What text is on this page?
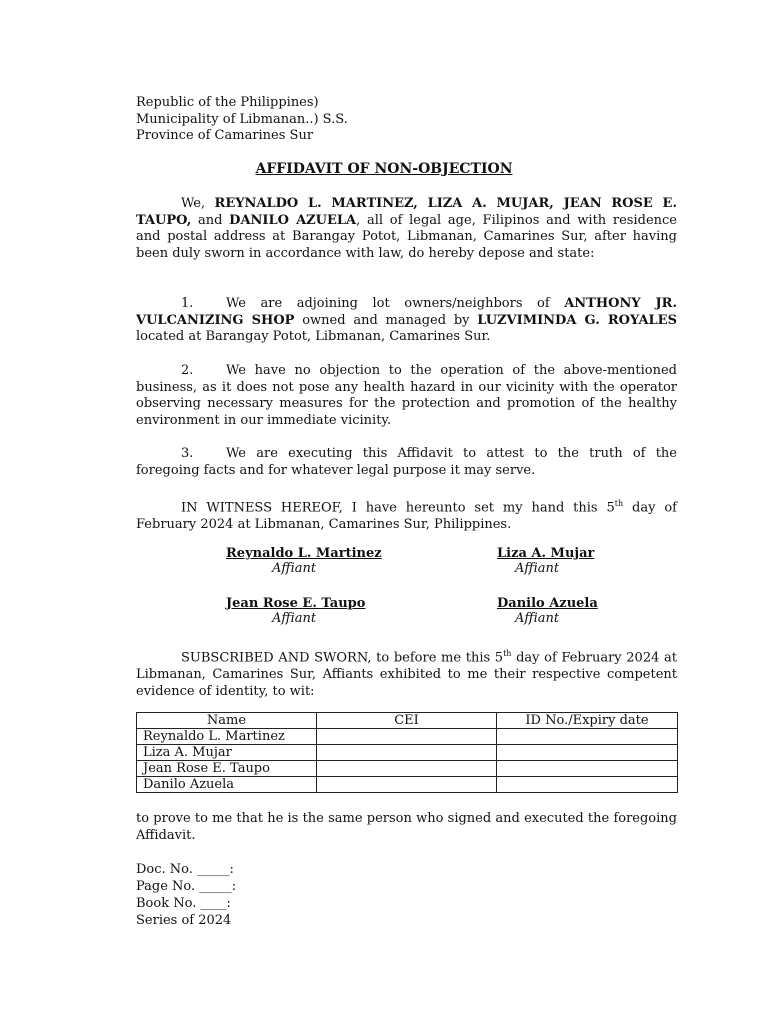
Republic of the Philippines)
Municipality of Libmanan..) S.S.
Province of Camarines Sur
AFFIDAVIT OF NON-OBJECTION
We, REYNALDO L. MARTINEZ, LIZA A. MUJAR, JEAN ROSE E. TAUPO, and DANILO AZUELA, all of legal age, Filipinos and with residence and postal address at Barangay Potot, Libmanan, Camarines Sur, after having been duly sworn in accordance with law, do hereby depose and state:
1.	We are adjoining lot owners/neighbors of ANTHONY JR. VULCANIZING SHOP owned and managed by LUZVIMINDA G. ROYALES located at Barangay Potot, Libmanan, Camarines Sur.
2.	We have no objection to the operation of the above-mentioned business, as it does not pose any health hazard in our vicinity with the operator observing necessary measures for the protection and promotion of the healthy environment in our immediate vicinity.
3.	We are executing this Affidavit to attest to the truth of the foregoing facts and for whatever legal purpose it may serve.
IN WITNESS HEREOF, I have hereunto set my hand this 5th day of February 2024 at Libmanan, Camarines Sur, Philippines.
Reynaldo L. Martinez
Affiant
Liza A. Mujar
Affiant
Jean Rose E. Taupo
Affiant
Danilo Azuela
Affiant
SUBSCRIBED AND SWORN, to before me this 5th day of February 2024 at Libmanan, Camarines Sur, Affiants exhibited to me their respective competent evidence of identity, to wit:
Name	CEI	ID No./Expiry date
Reynaldo L. Martinez		
Liza A. Mujar		
Jean Rose E. Taupo		
Danilo Azuela		
to prove to me that he is the same person who signed and executed the foregoing Affidavit.
Doc. No. _____:
Page No. _____:
Book No. ____:
Series of 2024
